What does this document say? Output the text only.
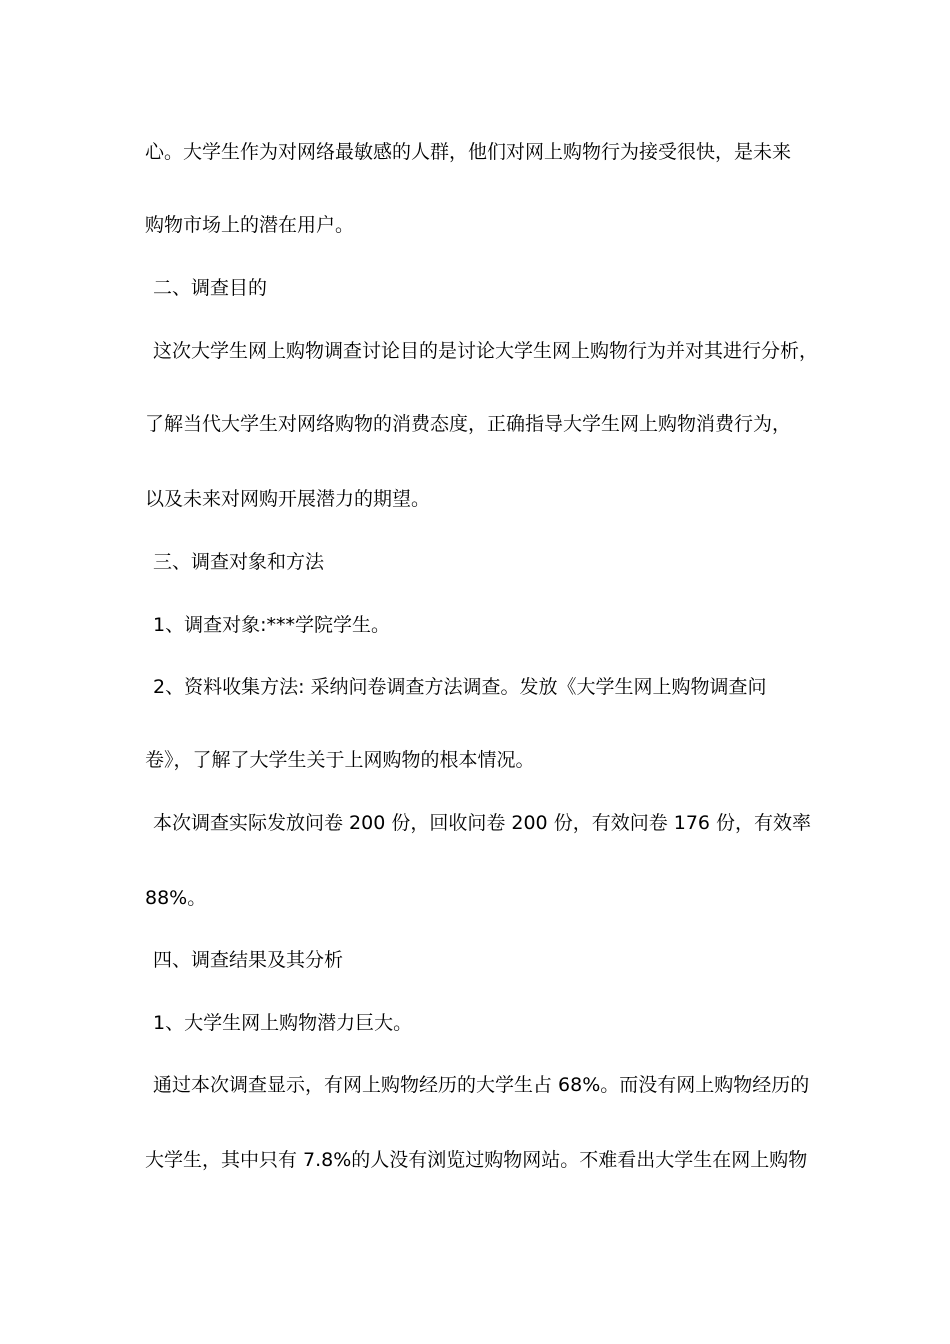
心。大学生作为对网络最敏感的人群，他们对网上购物行为接受很快，是未来
购物市场上的潜在用户。
二、调查目的
这次大学生网上购物调查讨论目的是讨论大学生网上购物行为并对其进行分析，
了解当代大学生对网络购物的消费态度，正确指导大学生网上购物消费行为，
以及未来对网购开展潜力的期望。
三、调查对象和方法
1、调查对象:***学院学生。
2、资料收集方法: 采纳问卷调查方法调查。发放《大学生网上购物调查问
卷》，了解了大学生关于上网购物的根本情况。
本次调查实际发放问卷 200 份，回收问卷 200 份，有效问卷 176 份，有效率
88%。
四、调查结果及其分析
1、大学生网上购物潜力巨大。
通过本次调查显示，有网上购物经历的大学生占 68%。而没有网上购物经历的
大学生，其中只有 7.8%的人没有浏览过购物网站。不难看出大学生在网上购物
